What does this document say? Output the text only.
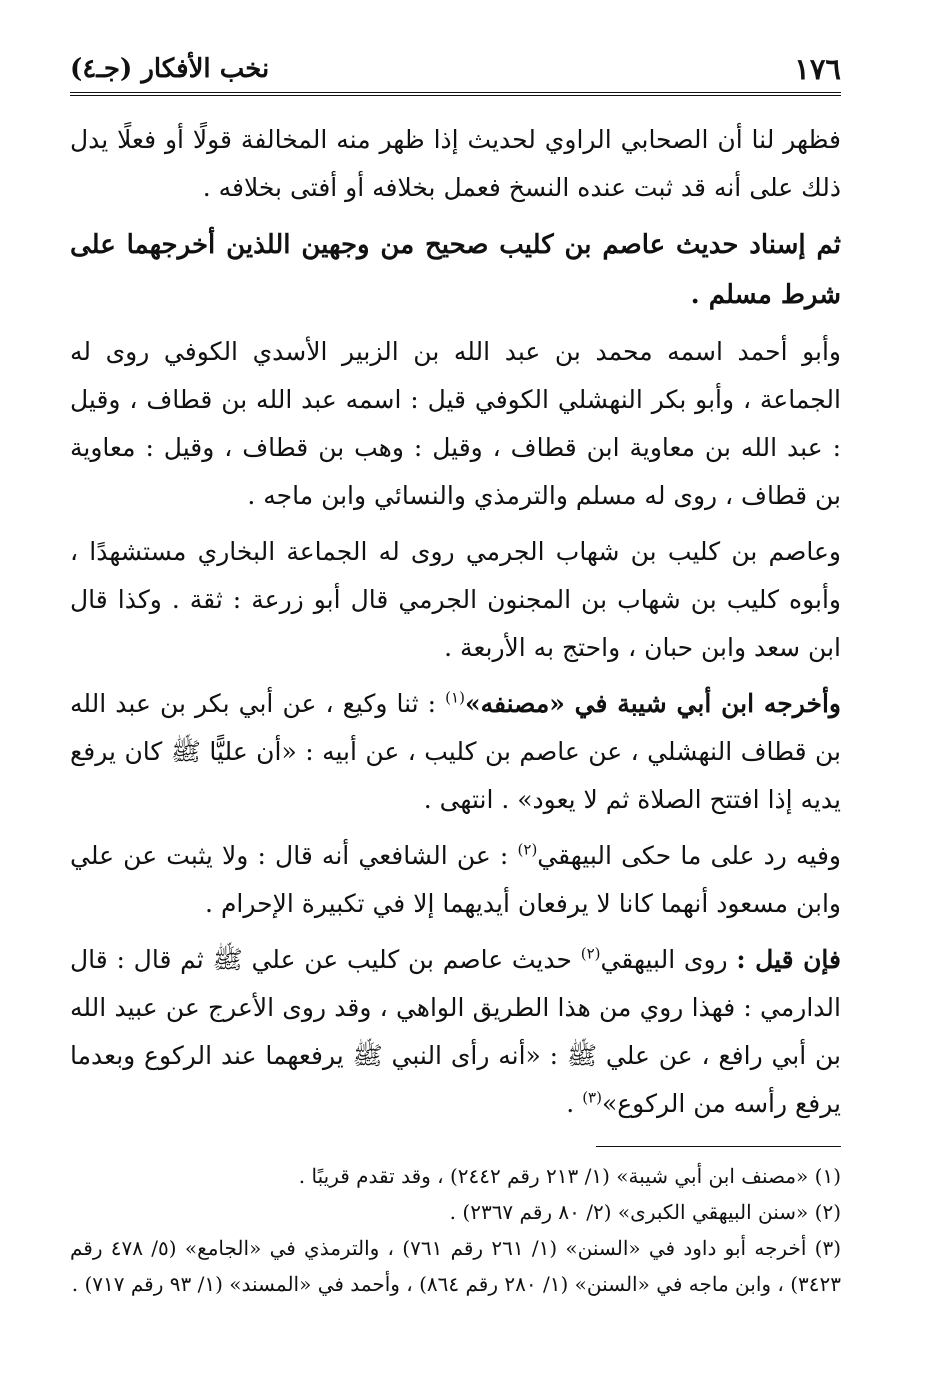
١٧٦
نخب الأفكار (جـ٤)

فظهر لنا أن الصحابي الراوي لحديث إذا ظهر منه المخالفة قولًا أو فعلًا يدل ذلك على أنه قد ثبت عنده النسخ فعمل بخلافه أو أفتى بخلافه .

ثم إسناد حديث عاصم بن كليب صحيح من وجهين اللذين أخرجهما على شرط مسلم .

وأبو أحمد اسمه محمد بن عبد الله بن الزبير الأسدي الكوفي روى له الجماعة ، وأبو بكر النهشلي الكوفي قيل : اسمه عبد الله بن قطاف ، وقيل : عبد الله بن معاوية ابن قطاف ، وقيل : وهب بن قطاف ، وقيل : معاوية بن قطاف ، روى له مسلم والترمذي والنسائي وابن ماجه .

وعاصم بن كليب بن شهاب الجرمي روى له الجماعة البخاري مستشهدًا ، وأبوه كليب بن شهاب بن المجنون الجرمي قال أبو زرعة : ثقة . وكذا قال ابن سعد وابن حبان ، واحتج به الأربعة .

وأخرجه ابن أبي شيبة في «مصنفه»$^{(١)}$ : ثنا وكيع ، عن أبي بكر بن عبد الله بن قطاف النهشلي ، عن عاصم بن كليب ، عن أبيه : «أن عليًّا ﷺ كان يرفع يديه إذا افتتح الصلاة ثم لا يعود» . انتهى .

وفيه رد على ما حكى البيهقي$^{(٢)}$ : عن الشافعي أنه قال : ولا يثبت عن علي وابن مسعود أنهما كانا لا يرفعان أيديهما إلا في تكبيرة الإحرام .

فإن قيل : روى البيهقي$^{(٢)}$ حديث عاصم بن كليب عن علي ﷺ ثم قال : قال الدارمي : فهذا روي من هذا الطريق الواهي ، وقد روى الأعرج عن عبيد الله بن أبي رافع ، عن علي ﷺ : «أنه رأى النبي ﷺ يرفعهما عند الركوع وبعدما يرفع رأسه من الركوع»$^{(٣)}$ .

(١) «مصنف ابن أبي شيبة» (١/ ٢١٣ رقم ٢٤٤٢) ، وقد تقدم قريبًا .

(٢) «سنن البيهقي الكبرى» (٢/ ٨٠ رقم ٢٣٦٧) .

(٣) أخرجه أبو داود في «السنن» (١/ ٢٦١ رقم ٧٦١) ، والترمذي في «الجامع» (٥/ ٤٧٨ رقم ٣٤٢٣) ، وابن ماجه في «السنن» (١/ ٢٨٠ رقم ٨٦٤) ، وأحمد في «المسند» (١/ ٩٣ رقم ٧١٧) .
